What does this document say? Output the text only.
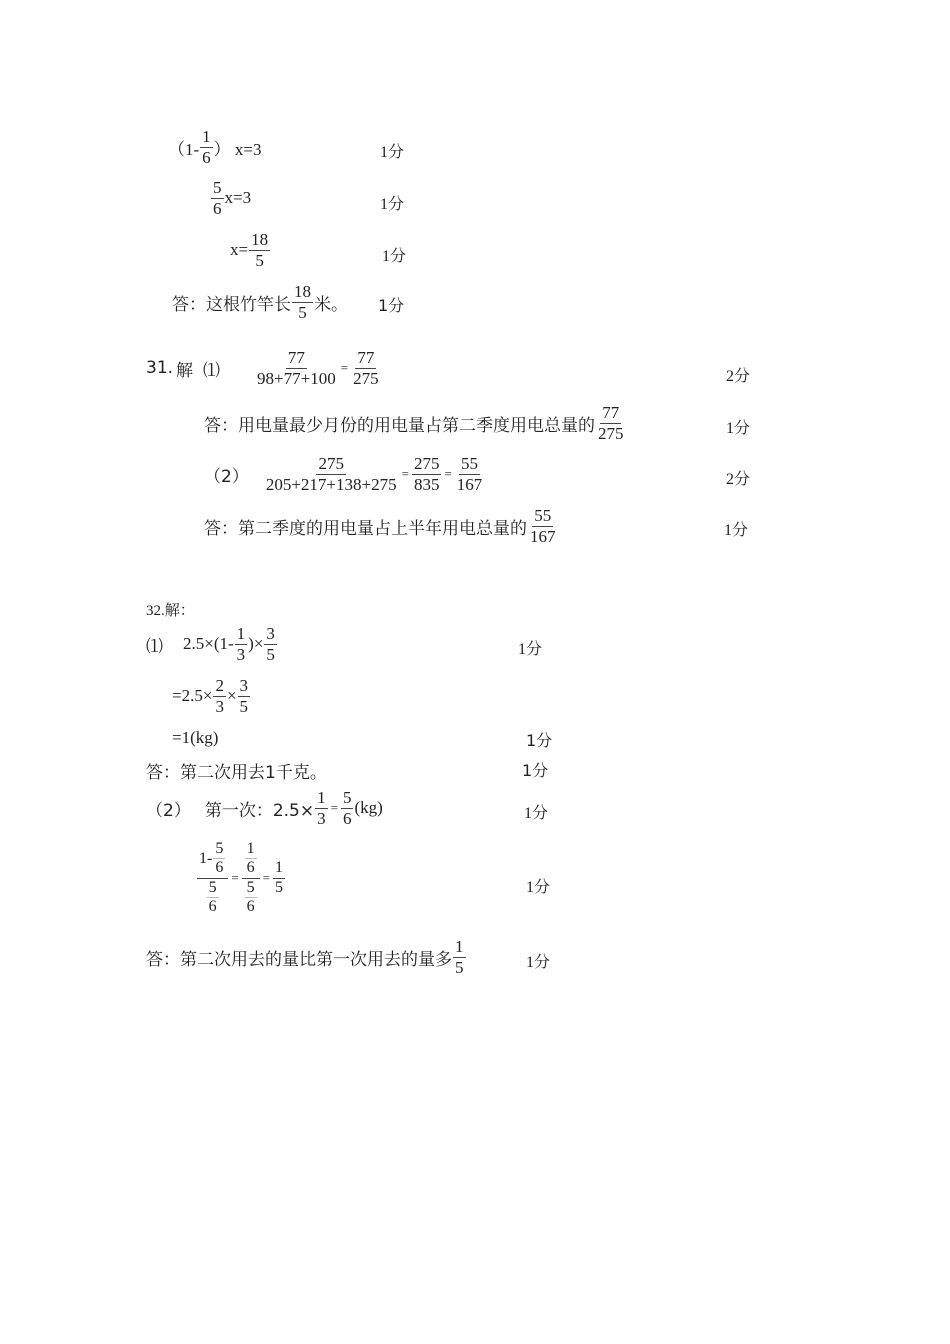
（$1- \frac{1}{6}$ ） x=3	1分
$\frac{5}{6} x=3$	1分
$x= \frac{18}{5}$	1分
答：这根竹竿长 $\frac{18}{5}$ 米。 1分
31. 解 ⑴ $\frac{77}{98+77+100} = \frac{77}{275}$	2分
答：用电量最少月份的用电量占第二季度用电总量的 $\frac{77}{275}$	1分
$(2) \frac{275}{205+217+138+275} = \frac{275}{835} = \frac{55}{167}$	2分
答：第二季度的用电量占上半年用电总量的 $\frac{55}{167}$	1分
32.解：
⑴ $2.5\times(1- \frac{1}{3}$ )× $\frac{3}{5}$	1分
$=2.5\times \frac{2}{3} \times \frac{3}{5}$
=1(kg)	1分
答：第二次用去1千克。	1分
（2） 第一次：$2.5\times \frac{1}{3} = \frac{5}{6} (kg)$	1分
$\frac{1- \frac{5}{6}}{\frac{5}{6}} = \frac{\frac{1}{6}}{\frac{5}{6}} = \frac{1}{5}$	1分
答：第二次用去的量比第一次用去的量多 $\frac{1}{5}$	1分
